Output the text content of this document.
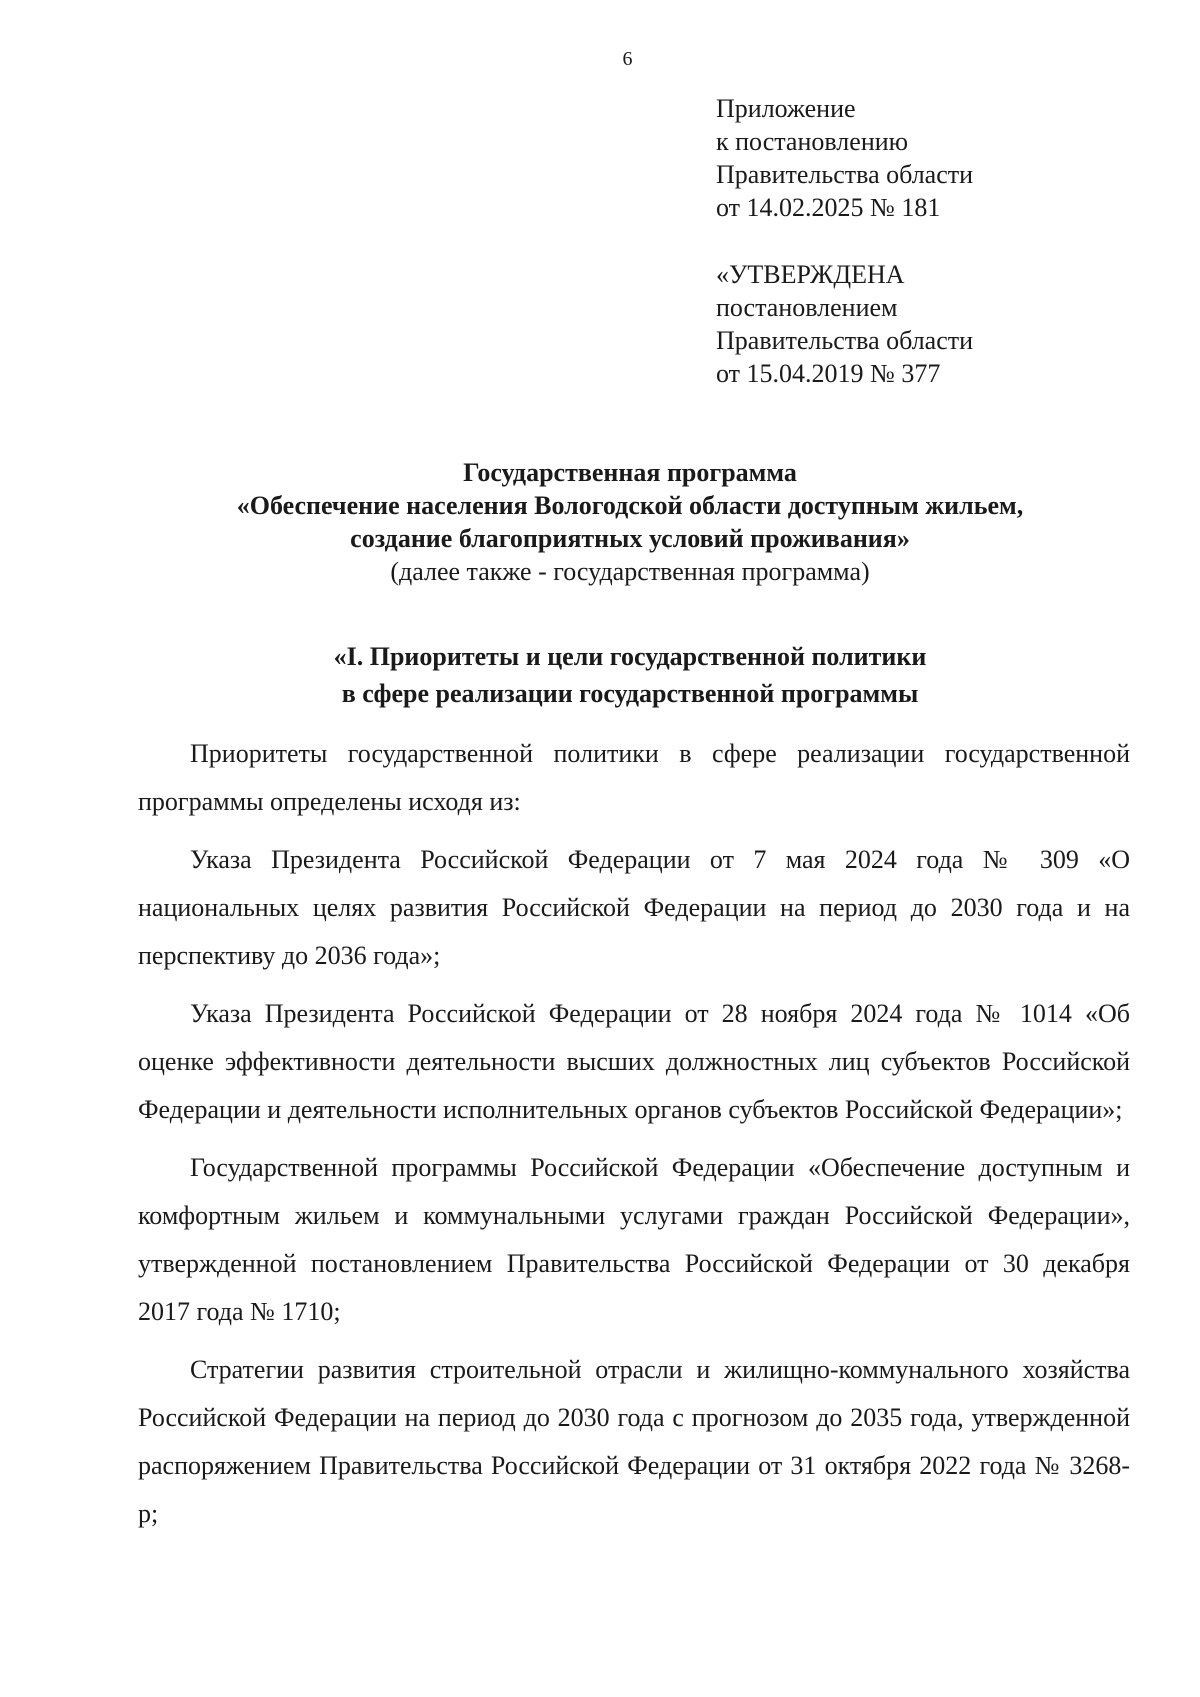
6
Приложение
к постановлению
Правительства области
от 14.02.2025 № 181
«УТВЕРЖДЕНА
постановлением
Правительства области
от 15.04.2019 № 377
Государственная программа
«Обеспечение населения Вологодской области доступным жильем,
создание благоприятных условий проживания»
(далее также - государственная программа)
«I. Приоритеты и цели государственной политики
в сфере реализации государственной программы

Приоритеты государственной политики в сфере реализации государственной программы определены исходя из:

Указа Президента Российской Федерации от 7 мая 2024 года № 309 «О национальных целях развития Российской Федерации на период до 2030 года и на перспективу до 2036 года»;

Указа Президента Российской Федерации от 28 ноября 2024 года № 1014 «Об оценке эффективности деятельности высших должностных лиц субъектов Российской Федерации и деятельности исполнительных органов субъектов Российской Федерации»;

Государственной программы Российской Федерации «Обеспечение доступным и комфортным жильем и коммунальными услугами граждан Российской Федерации», утвержденной постановлением Правительства Российской Федерации от 30 декабря 2017 года № 1710;

Стратегии развития строительной отрасли и жилищно-коммунального хозяйства Российской Федерации на период до 2030 года с прогнозом до 2035 года, утвержденной распоряжением Правительства Российской Федерации от 31 октября 2022 года № 3268-р;
